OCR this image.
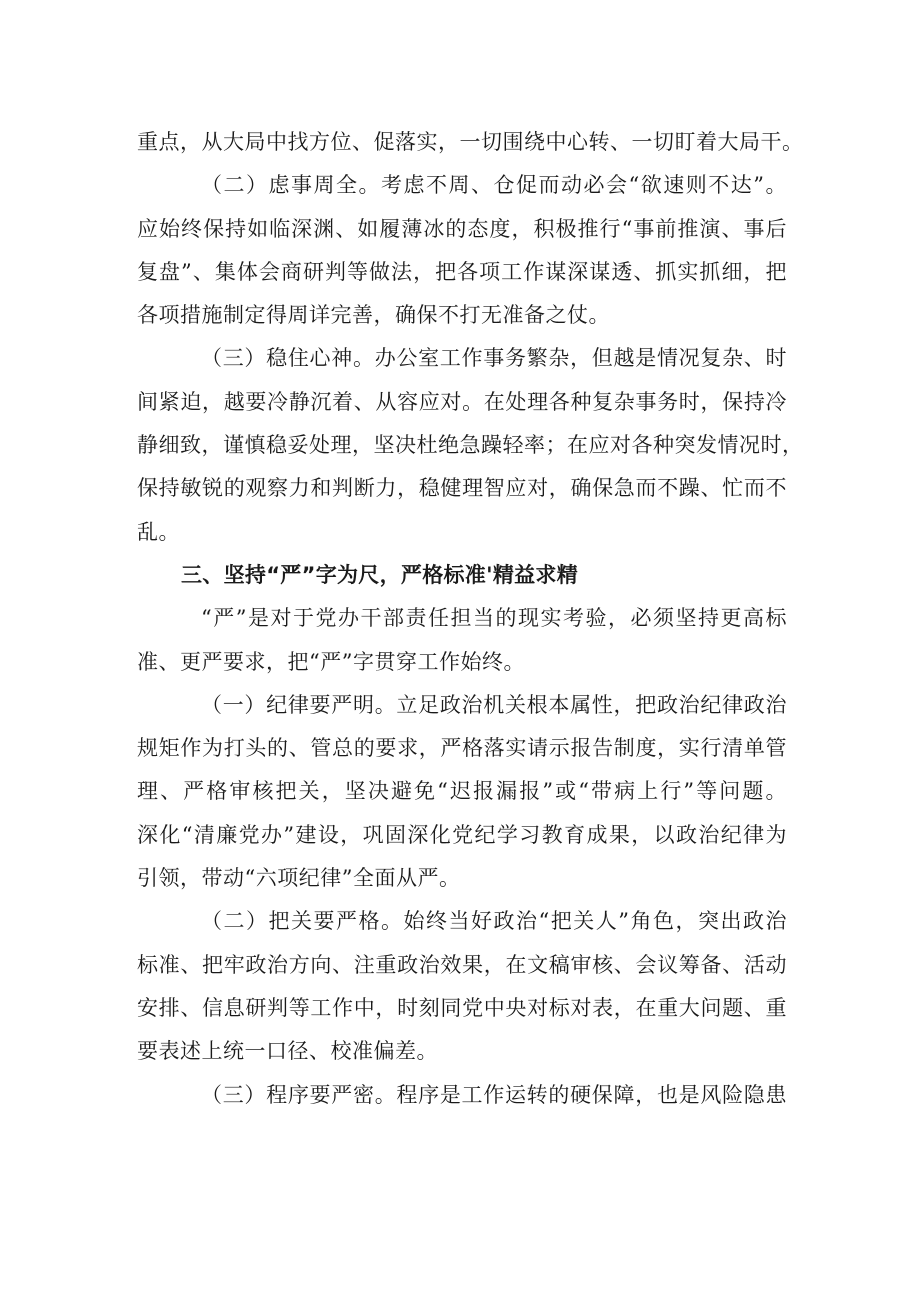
重点，从大局中找方位、促落实，一切围绕中心转、一切盯着大局干。
（二）虑事周全。考虑不周、仓促而动必会“欲速则不达”。
应始终保持如临深渊、如履薄冰的态度，积极推行“事前推演、事后
复盘”、集体会商研判等做法，把各项工作谋深谋透、抓实抓细，把
各项措施制定得周详完善，确保不打无准备之仗。
（三）稳住心神。办公室工作事务繁杂，但越是情况复杂、时
间紧迫，越要冷静沉着、从容应对。在处理各种复杂事务时，保持冷
静细致，谨慎稳妥处理，坚决杜绝急躁轻率；在应对各种突发情况时，
保持敏锐的观察力和判断力，稳健理智应对，确保急而不躁、忙而不
乱。
三、坚持“严”字为尺，严格标准'精益求精
“严”是对于党办干部责任担当的现实考验，必须坚持更高标
准、更严要求，把“严”字贯穿工作始终。
（一）纪律要严明。立足政治机关根本属性，把政治纪律政治
规矩作为打头的、管总的要求，严格落实请示报告制度，实行清单管
理、严格审核把关，坚决避免“迟报漏报”或“带病上行”等问题。
深化“清廉党办”建设，巩固深化党纪学习教育成果，以政治纪律为
引领，带动“六项纪律”全面从严。
（二）把关要严格。始终当好政治“把关人”角色，突出政治
标准、把牢政治方向、注重政治效果，在文稿审核、会议筹备、活动
安排、信息研判等工作中，时刻同党中央对标对表，在重大问题、重
要表述上统一口径、校准偏差。
（三）程序要严密。程序是工作运转的硬保障，也是风险隐患
